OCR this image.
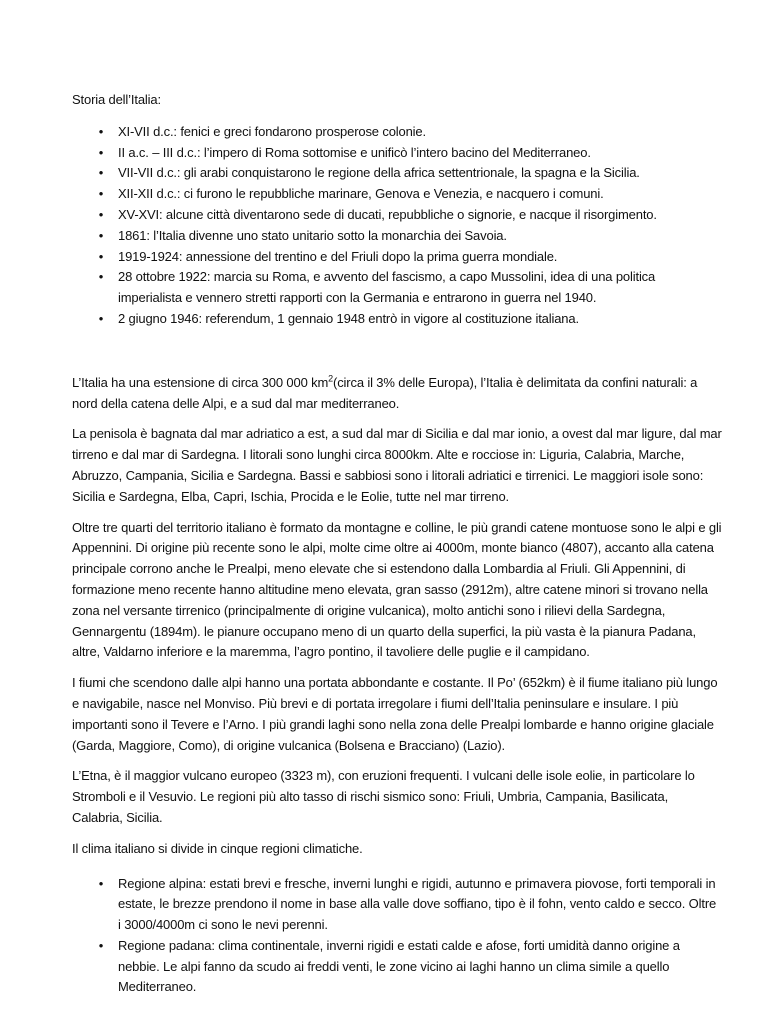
Storia dell’Italia:
• XI-VII d.c.: fenici e greci fondarono prosperose colonie.
• II a.c. – III d.c.: l’impero di Roma sottomise e unificò l’intero bacino del Mediterraneo.
• VII-VII d.c.: gli arabi conquistarono le regione della africa settentrionale, la spagna e la Sicilia.
• XII-XII d.c.: ci furono le repubbliche marinare, Genova e Venezia, e nacquero i comuni.
• XV-XVI: alcune città diventarono sede di ducati, repubbliche o signorie, e nacque il risorgimento.
• 1861: l’Italia divenne uno stato unitario sotto la monarchia dei Savoia.
• 1919-1924: annessione del trentino e del Friuli dopo la prima guerra mondiale.
• 28 ottobre 1922: marcia su Roma, e avvento del fascismo, a capo Mussolini, idea di una politica imperialista e vennero stretti rapporti con la Germania e entrarono in guerra nel 1940.
• 2 giugno 1946: referendum, 1 gennaio 1948 entrò in vigore al costituzione italiana.

L’Italia ha una estensione di circa 300 000 $km^2(circa$ il 3% delle Europa), l’Italia è delimitata da confini naturali: a nord della catena delle Alpi, e a sud dal mar mediterraneo.

La penisola è bagnata dal mar adriatico a est, a sud dal mar di Sicilia e dal mar ionio, a ovest dal mar ligure, dal mar tirreno e dal mar di Sardegna. I litorali sono lunghi circa 8000km. Alte e rocciose in: Liguria, Calabria, Marche, Abruzzo, Campania, Sicilia e Sardegna. Bassi e sabbiosi sono i litorali adriatici e tirrenici. Le maggiori isole sono: Sicilia e Sardegna, Elba, Capri, Ischia, Procida e le Eolie, tutte nel mar tirreno.

Oltre tre quarti del territorio italiano è formato da montagne e colline, le più grandi catene montuose sono le alpi e gli Appennini. Di origine più recente sono le alpi, molte cime oltre ai 4000m, monte bianco (4807), accanto alla catena principale corrono anche le Prealpi, meno elevate che si estendono dalla Lombardia al Friuli. Gli Appennini, di formazione meno recente hanno altitudine meno elevata, gran sasso (2912m), altre catene minori si trovano nella zona nel versante tirrenico (principalmente di origine vulcanica), molto antichi sono i rilievi della Sardegna, Gennargentu (1894m). le pianure occupano meno di un quarto della superfici, la più vasta è la pianura Padana, altre, Valdarno inferiore e la maremma, l’agro pontino, il tavoliere delle puglie e il campidano.

I fiumi che scendono dalle alpi hanno una portata abbondante e costante. Il Po’ (652km) è il fiume italiano più lungo e navigabile, nasce nel Monviso. Più brevi e di portata irregolare i fiumi dell’Italia peninsulare e insulare. I più importanti sono il Tevere e l’Arno. I più grandi laghi sono nella zona delle Prealpi lombarde e hanno origine glaciale (Garda, Maggiore, Como), di origine vulcanica (Bolsena e Bracciano) (Lazio).

L’Etna, è il maggior vulcano europeo (3323 m), con eruzioni frequenti. I vulcani delle isole eolie, in particolare lo Stromboli e il Vesuvio. Le regioni più alto tasso di rischi sismico sono: Friuli, Umbria, Campania, Basilicata, Calabria, Sicilia.

Il clima italiano si divide in cinque regioni climatiche.

• Regione alpina: estati brevi e fresche, inverni lunghi e rigidi, autunno e primavera piovose, forti temporali in estate, le brezze prendono il nome in base alla valle dove soffiano, tipo è il fohn, vento caldo e secco. Oltre i 3000/4000m ci sono le nevi perenni.
• Regione padana: clima continentale, inverni rigidi e estati calde e afose, forti umidità danno origine a nebbie. Le alpi fanno da scudo ai freddi venti, le zone vicino ai laghi hanno un clima simile a quello Mediterraneo.
